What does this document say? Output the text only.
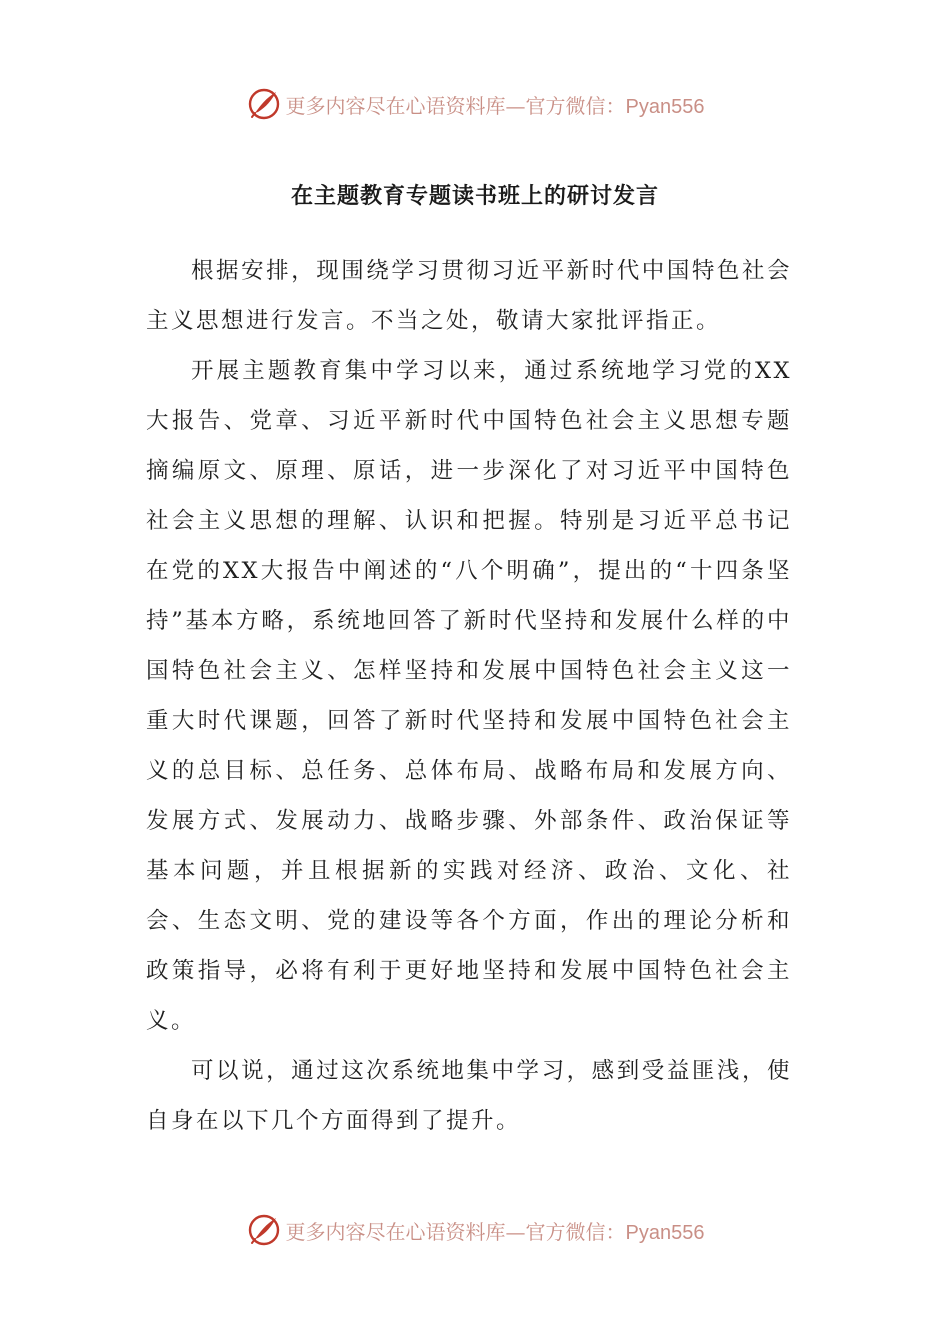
更多内容尽在心语资料库—官方微信：Pyan556
在主题教育专题读书班上的研讨发言

根据安排，现围绕学习贯彻习近平新时代中国特色社会主义思想进行发言。不当之处，敬请大家批评指正。

开展主题教育集中学习以来，通过系统地学习党的XX大报告、党章、习近平新时代中国特色社会主义思想专题摘编原文、原理、原话，进一步深化了对习近平中国特色社会主义思想的理解、认识和把握。特别是习近平总书记在党的XX大报告中阐述的“八个明确”，提出的“十四条坚持”基本方略，系统地回答了新时代坚持和发展什么样的中国特色社会主义、怎样坚持和发展中国特色社会主义这一重大时代课题，回答了新时代坚持和发展中国特色社会主义的总目标、总任务、总体布局、战略布局和发展方向、发展方式、发展动力、战略步骤、外部条件、政治保证等基本问题，并且根据新的实践对经济、政治、文化、社会、生态文明、党的建设等各个方面，作出的理论分析和政策指导，必将有利于更好地坚持和发展中国特色社会主义。

可以说，通过这次系统地集中学习，感到受益匪浅，使自身在以下几个方面得到了提升。

更多内容尽在心语资料库—官方微信：Pyan556
